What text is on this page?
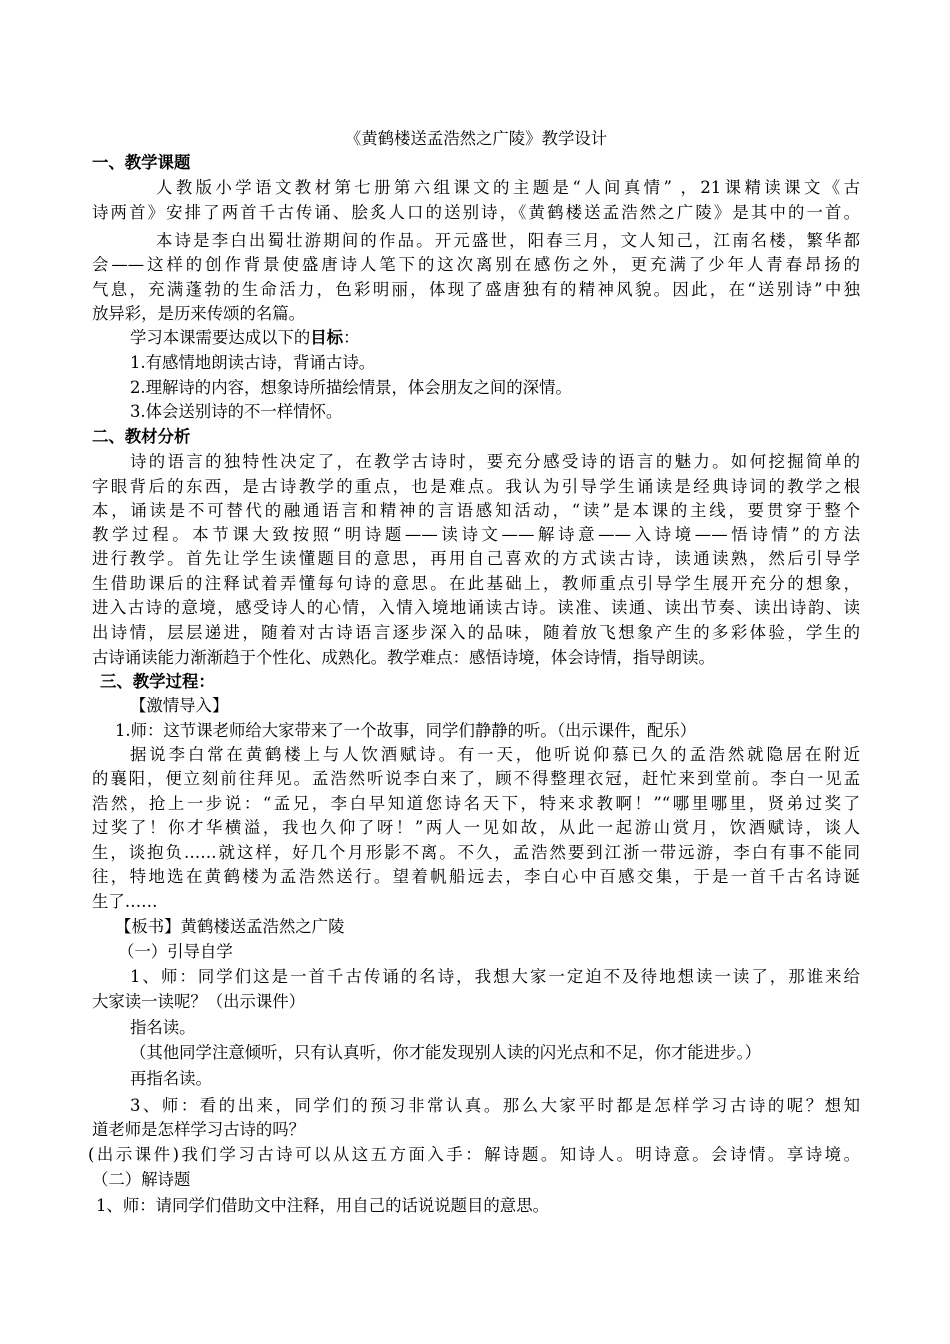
《黄鹤楼送孟浩然之广陵》教学设计
一、教学课题
人教版小学语文教材第七册第六组课文的主题是“人间真情” ，21课精读课文《古
诗两首》安排了两首千古传诵、脍炙人口的送别诗，《黄鹤楼送孟浩然之广陵》是其中的一首。
本诗是李白出蜀壮游期间的作品。开元盛世，阳春三月，文人知己，江南名楼，繁华都
会——这样的创作背景使盛唐诗人笔下的这次离别在感伤之外，更充满了少年人青春昂扬的
气息，充满蓬勃的生命活力，色彩明丽，体现了盛唐独有的精神风貌。因此，在“送别诗”中独
放异彩，是历来传颂的名篇。
学习本课需要达成以下的目标：
1.有感情地朗读古诗，背诵古诗。
2.理解诗的内容，想象诗所描绘情景，体会朋友之间的深情。
3.体会送别诗的不一样情怀。
二、教材分析
诗的语言的独特性决定了，在教学古诗时，要充分感受诗的语言的魅力。如何挖掘简单的
字眼背后的东西，是古诗教学的重点，也是难点。我认为引导学生诵读是经典诗词的教学之根
本，诵读是不可替代的融通语言和精神的言语感知活动，“读”是本课的主线，要贯穿于整个
教学过程。本节课大致按照“明诗题——读诗文——解诗意——入诗境——悟诗情”的方法
进行教学。首先让学生读懂题目的意思，再用自己喜欢的方式读古诗，读通读熟，然后引导学
生借助课后的注释试着弄懂每句诗的意思。在此基础上，教师重点引导学生展开充分的想象，
进入古诗的意境，感受诗人的心情，入情入境地诵读古诗。读准、读通、读出节奏、读出诗韵、读
出诗情，层层递进，随着对古诗语言逐步深入的品味，随着放飞想象产生的多彩体验，学生的
古诗诵读能力渐渐趋于个性化、成熟化。教学难点：感悟诗境，体会诗情，指导朗读。
三、教学过程：
【激情导入】
1.师：这节课老师给大家带来了一个故事，同学们静静的听。（出示课件，配乐）
据说李白常在黄鹤楼上与人饮酒赋诗。有一天，他听说仰慕已久的孟浩然就隐居在附近
的襄阳，便立刻前往拜见。孟浩然听说李白来了，顾不得整理衣冠，赶忙来到堂前。李白一见孟
浩然，抢上一步说：“孟兄，李白早知道您诗名天下，特来求教啊！”“哪里哪里，贤弟过奖了
过奖了！你才华横溢，我也久仰了呀！”两人一见如故，从此一起游山赏月，饮酒赋诗，谈人
生，谈抱负……就这样，好几个月形影不离。不久，孟浩然要到江浙一带远游，李白有事不能同
往，特地选在黄鹤楼为孟浩然送行。望着帆船远去，李白心中百感交集，于是一首千古名诗诞
生了……
【板书】黄鹤楼送孟浩然之广陵
（一）引导自学
1、师：同学们这是一首千古传诵的名诗，我想大家一定迫不及待地想读一读了，那谁来给
大家读一读呢？（出示课件）
指名读。
（其他同学注意倾听，只有认真听，你才能发现别人读的闪光点和不足，你才能进步。）
再指名读。
3、师：看的出来，同学们的预习非常认真。那么大家平时都是怎样学习古诗的呢？想知
道老师是怎样学习古诗的吗？
(出示课件)我们学习古诗可以从这五方面入手：解诗题。知诗人。明诗意。会诗情。享诗境。
（二）解诗题
1、师：请同学们借助文中注释，用自己的话说说题目的意思。
